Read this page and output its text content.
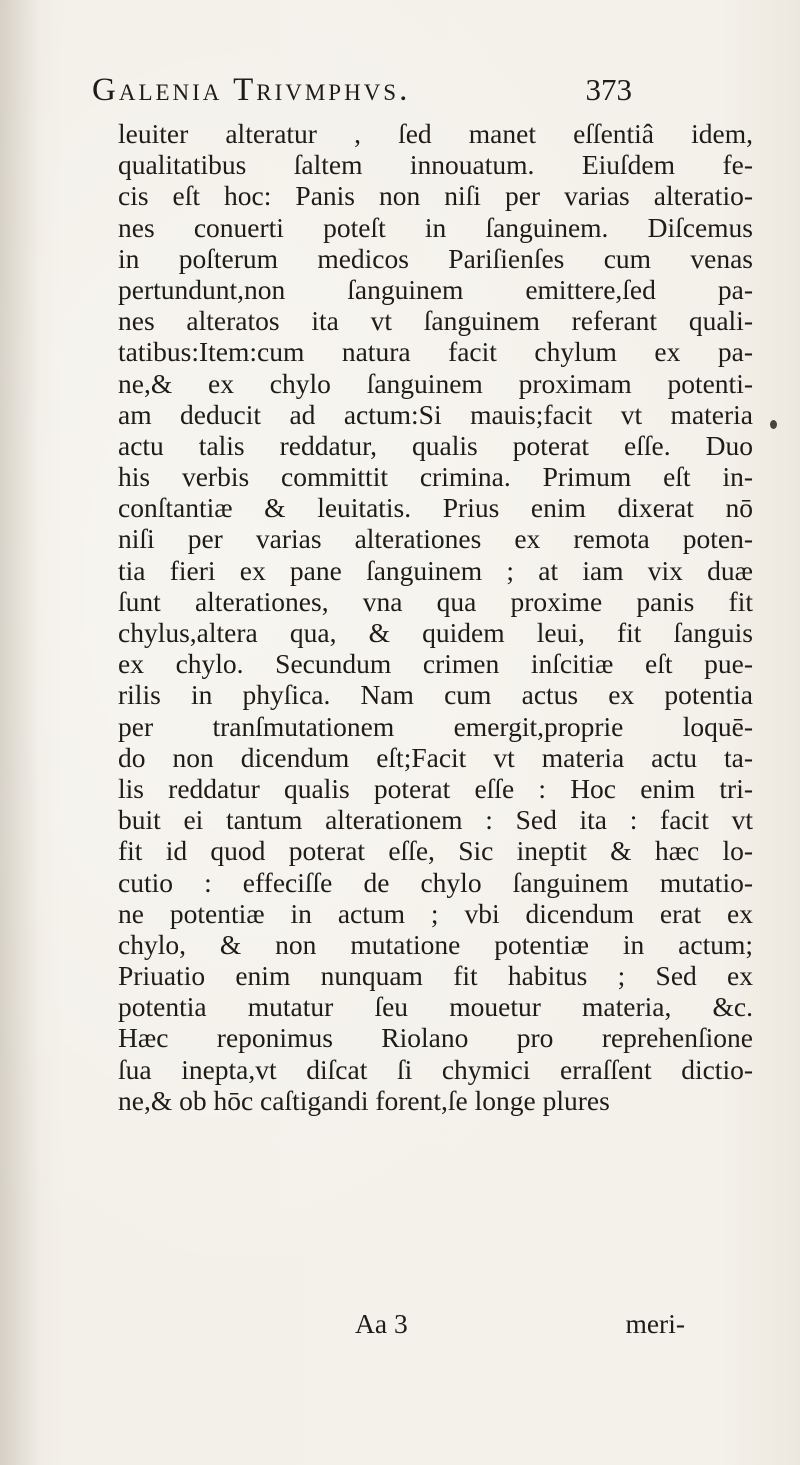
Galenia Trivmphvs.	373
leuiter alteratur , ſed manet eſſentiâ idem,
qualitatibus ſaltem innouatum. Eiuſdem fe-
cis eſt hoc: Panis non niſi per varias alteratio-
nes conuerti poteſt in ſanguinem. Diſcemus
in poſterum medicos Pariſienſes cum venas
pertundunt,non ſanguinem emittere,ſed pa-
nes alteratos ita vt ſanguinem referant quali-
tatibus:Item:cum natura facit chylum ex pa-
ne,& ex chylo ſanguinem proximam potenti-
am deducit ad actum:Si mauis;facit vt materia
actu talis reddatur, qualis poterat eſſe. Duo
his verbis committit crimina. Primum eſt in-
conſtantiæ & leuitatis. Prius enim dixerat nō
niſi per varias alterationes ex remota poten-
tia fieri ex pane ſanguinem ; at iam vix duæ
ſunt alterationes, vna qua proxime panis fit
chylus,altera qua, & quidem leui, fit ſanguis
ex chylo. Secundum crimen inſcitiæ eſt pue-
rilis in phyſica. Nam cum actus ex potentia
per tranſmutationem emergit,proprie loquē-
do non dicendum eſt;Facit vt materia actu ta-
lis reddatur qualis poterat eſſe : Hoc enim tri-
buit ei tantum alterationem : Sed ita : facit vt
fit id quod poterat eſſe, Sic ineptit & hæc lo-
cutio : effeciſſe de chylo ſanguinem mutatio-
ne potentiæ in actum ; vbi dicendum erat ex
chylo, & non mutatione potentiæ in actum;
Priuatio enim nunquam fit habitus ; Sed ex
potentia mutatur ſeu mouetur materia, &c.
Hæc reponimus Riolano pro reprehenſione
ſua inepta,vt diſcat ſi chymici erraſſent dictio-
ne,& ob hōc caſtigandi forent,ſe longe plures
Aa 3	meri-
